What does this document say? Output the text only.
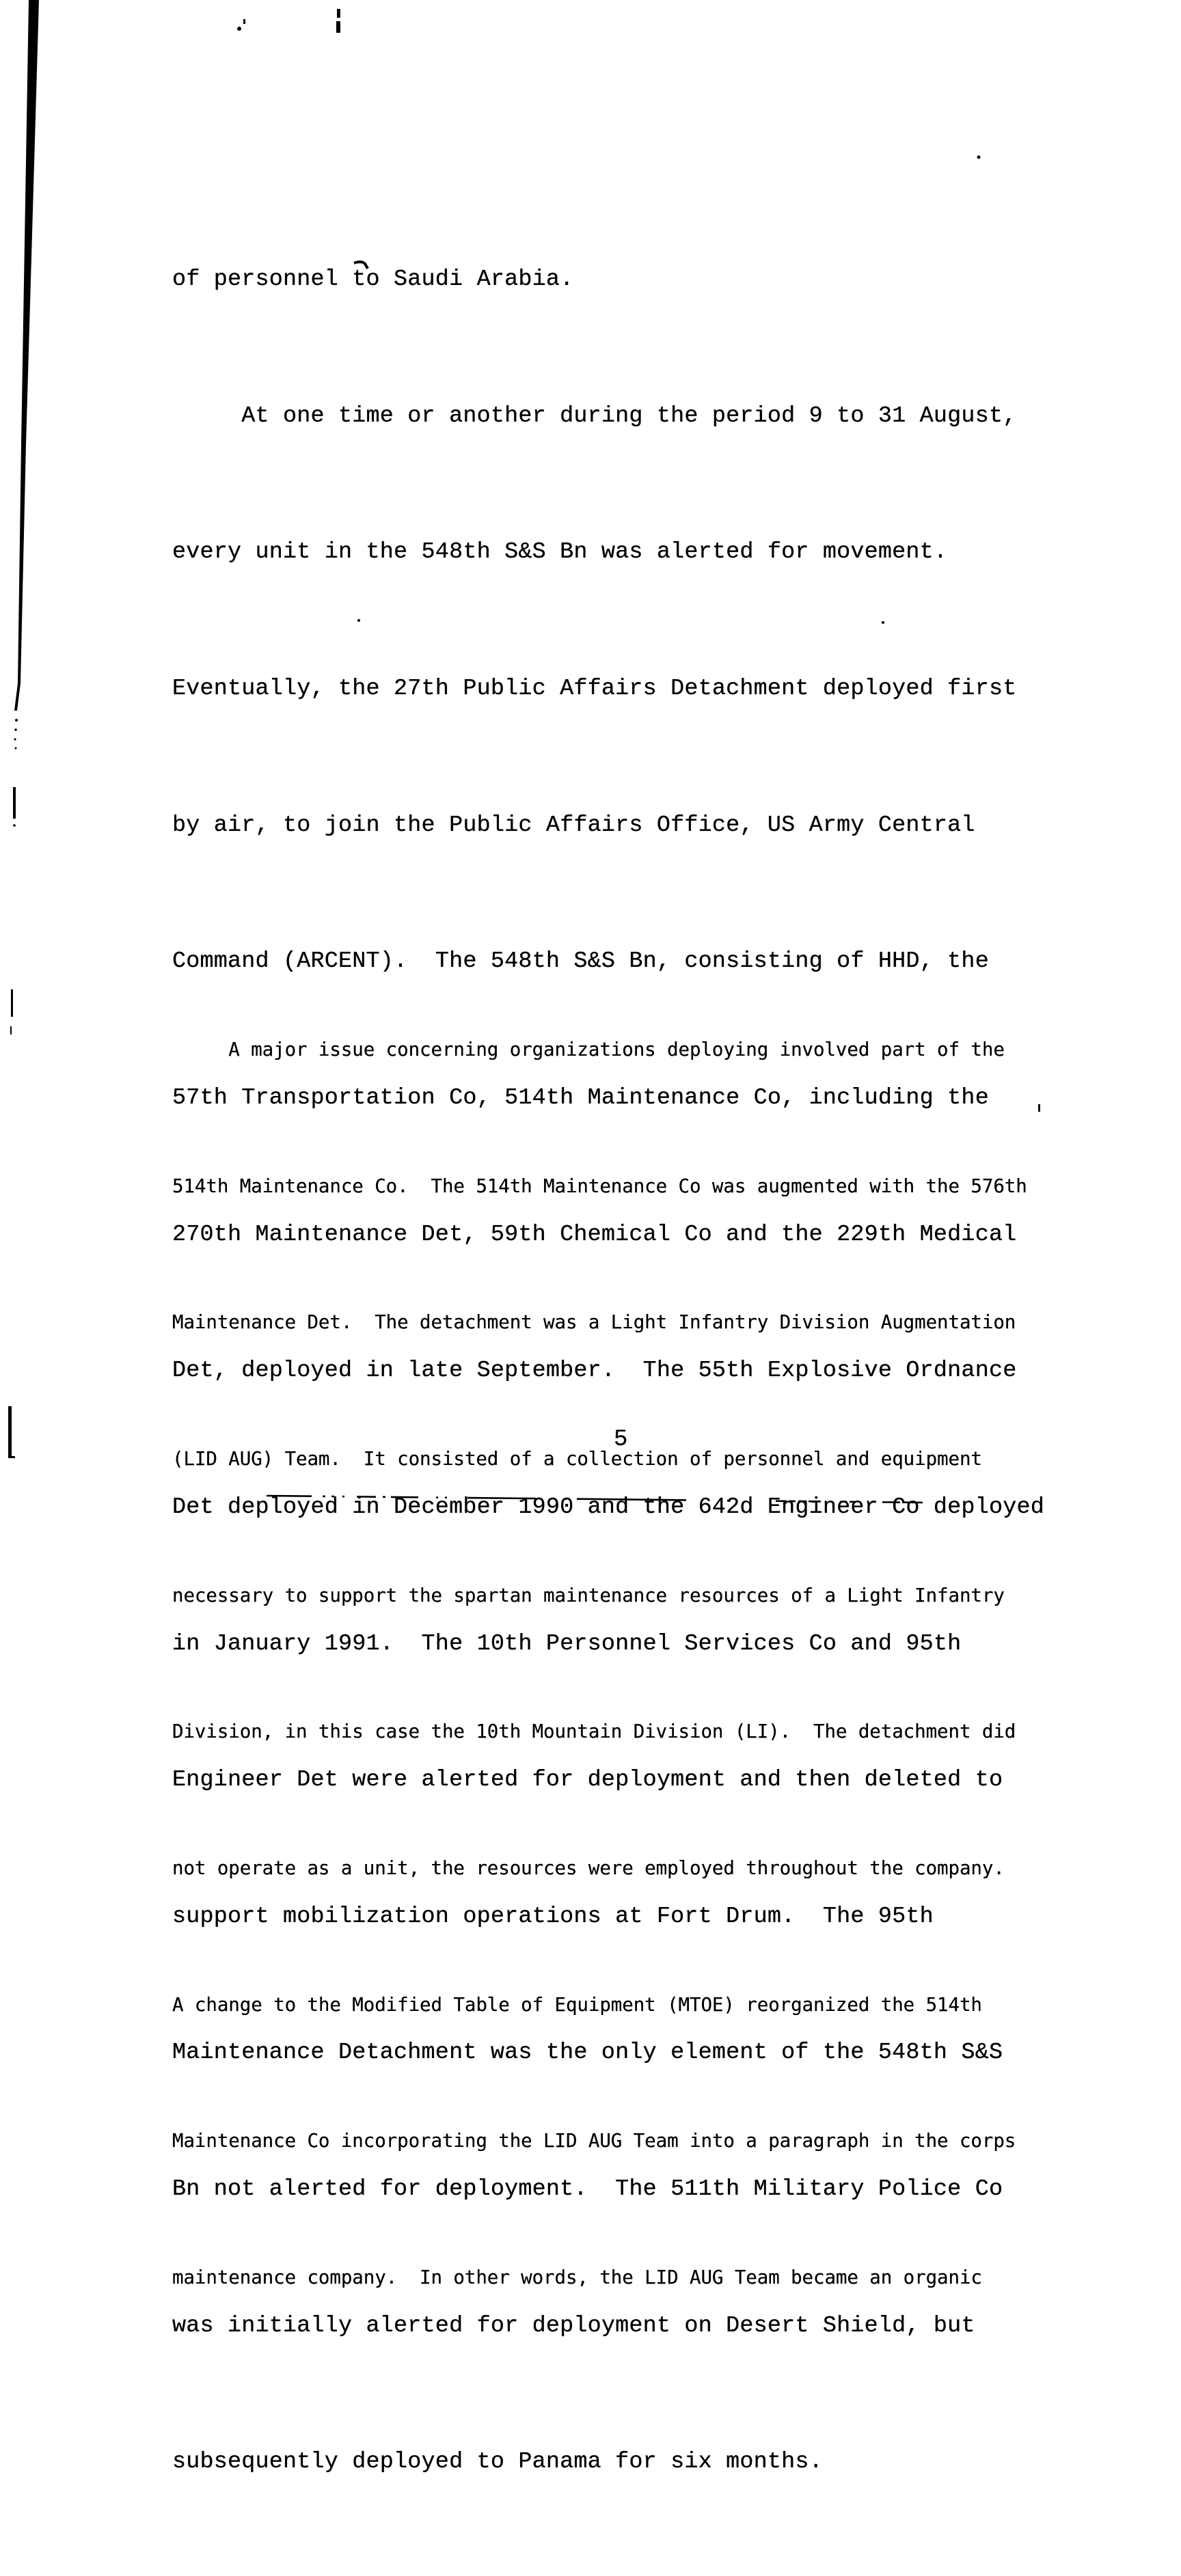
of personnel to Saudi Arabia.

At one time or another during the period 9 to 31 August,

every unit in the 548th S&S Bn was alerted for movement.

Eventually, the 27th Public Affairs Detachment deployed first

by air, to join the Public Affairs Office, US Army Central

Command (ARCENT).  The 548th S&S Bn, consisting of HHD, the

57th Transportation Co, 514th Maintenance Co, including the

270th Maintenance Det, 59th Chemical Co and the 229th Medical

Det, deployed in late September.  The 55th Explosive Ordnance

Det deployed in December 1990 and the 642d Engineer Co deployed

in January 1991.  The 10th Personnel Services Co and 95th

Engineer Det were alerted for deployment and then deleted to

support mobilization operations at Fort Drum.  The 95th

Maintenance Detachment was the only element of the 548th S&S

Bn not alerted for deployment.  The 511th Military Police Co

was initially alerted for deployment on Desert Shield, but

subsequently deployed to Panama for six months.

A major issue concerning organizations deploying involved part of the

514th Maintenance Co.  The 514th Maintenance Co was augmented with the 576th

Maintenance Det.  The detachment was a Light Infantry Division Augmentation

(LID AUG) Team.  It consisted of a collection of personnel and equipment

necessary to support the spartan maintenance resources of a Light Infantry

Division, in this case the 10th Mountain Division (LI).  The detachment did

not operate as a unit, the resources were employed throughout the company.

A change to the Modified Table of Equipment (MTOE) reorganized the 514th

Maintenance Co incorporating the LID AUG Team into a paragraph in the corps

maintenance company.  In other words, the LID AUG Team became an organic

5
